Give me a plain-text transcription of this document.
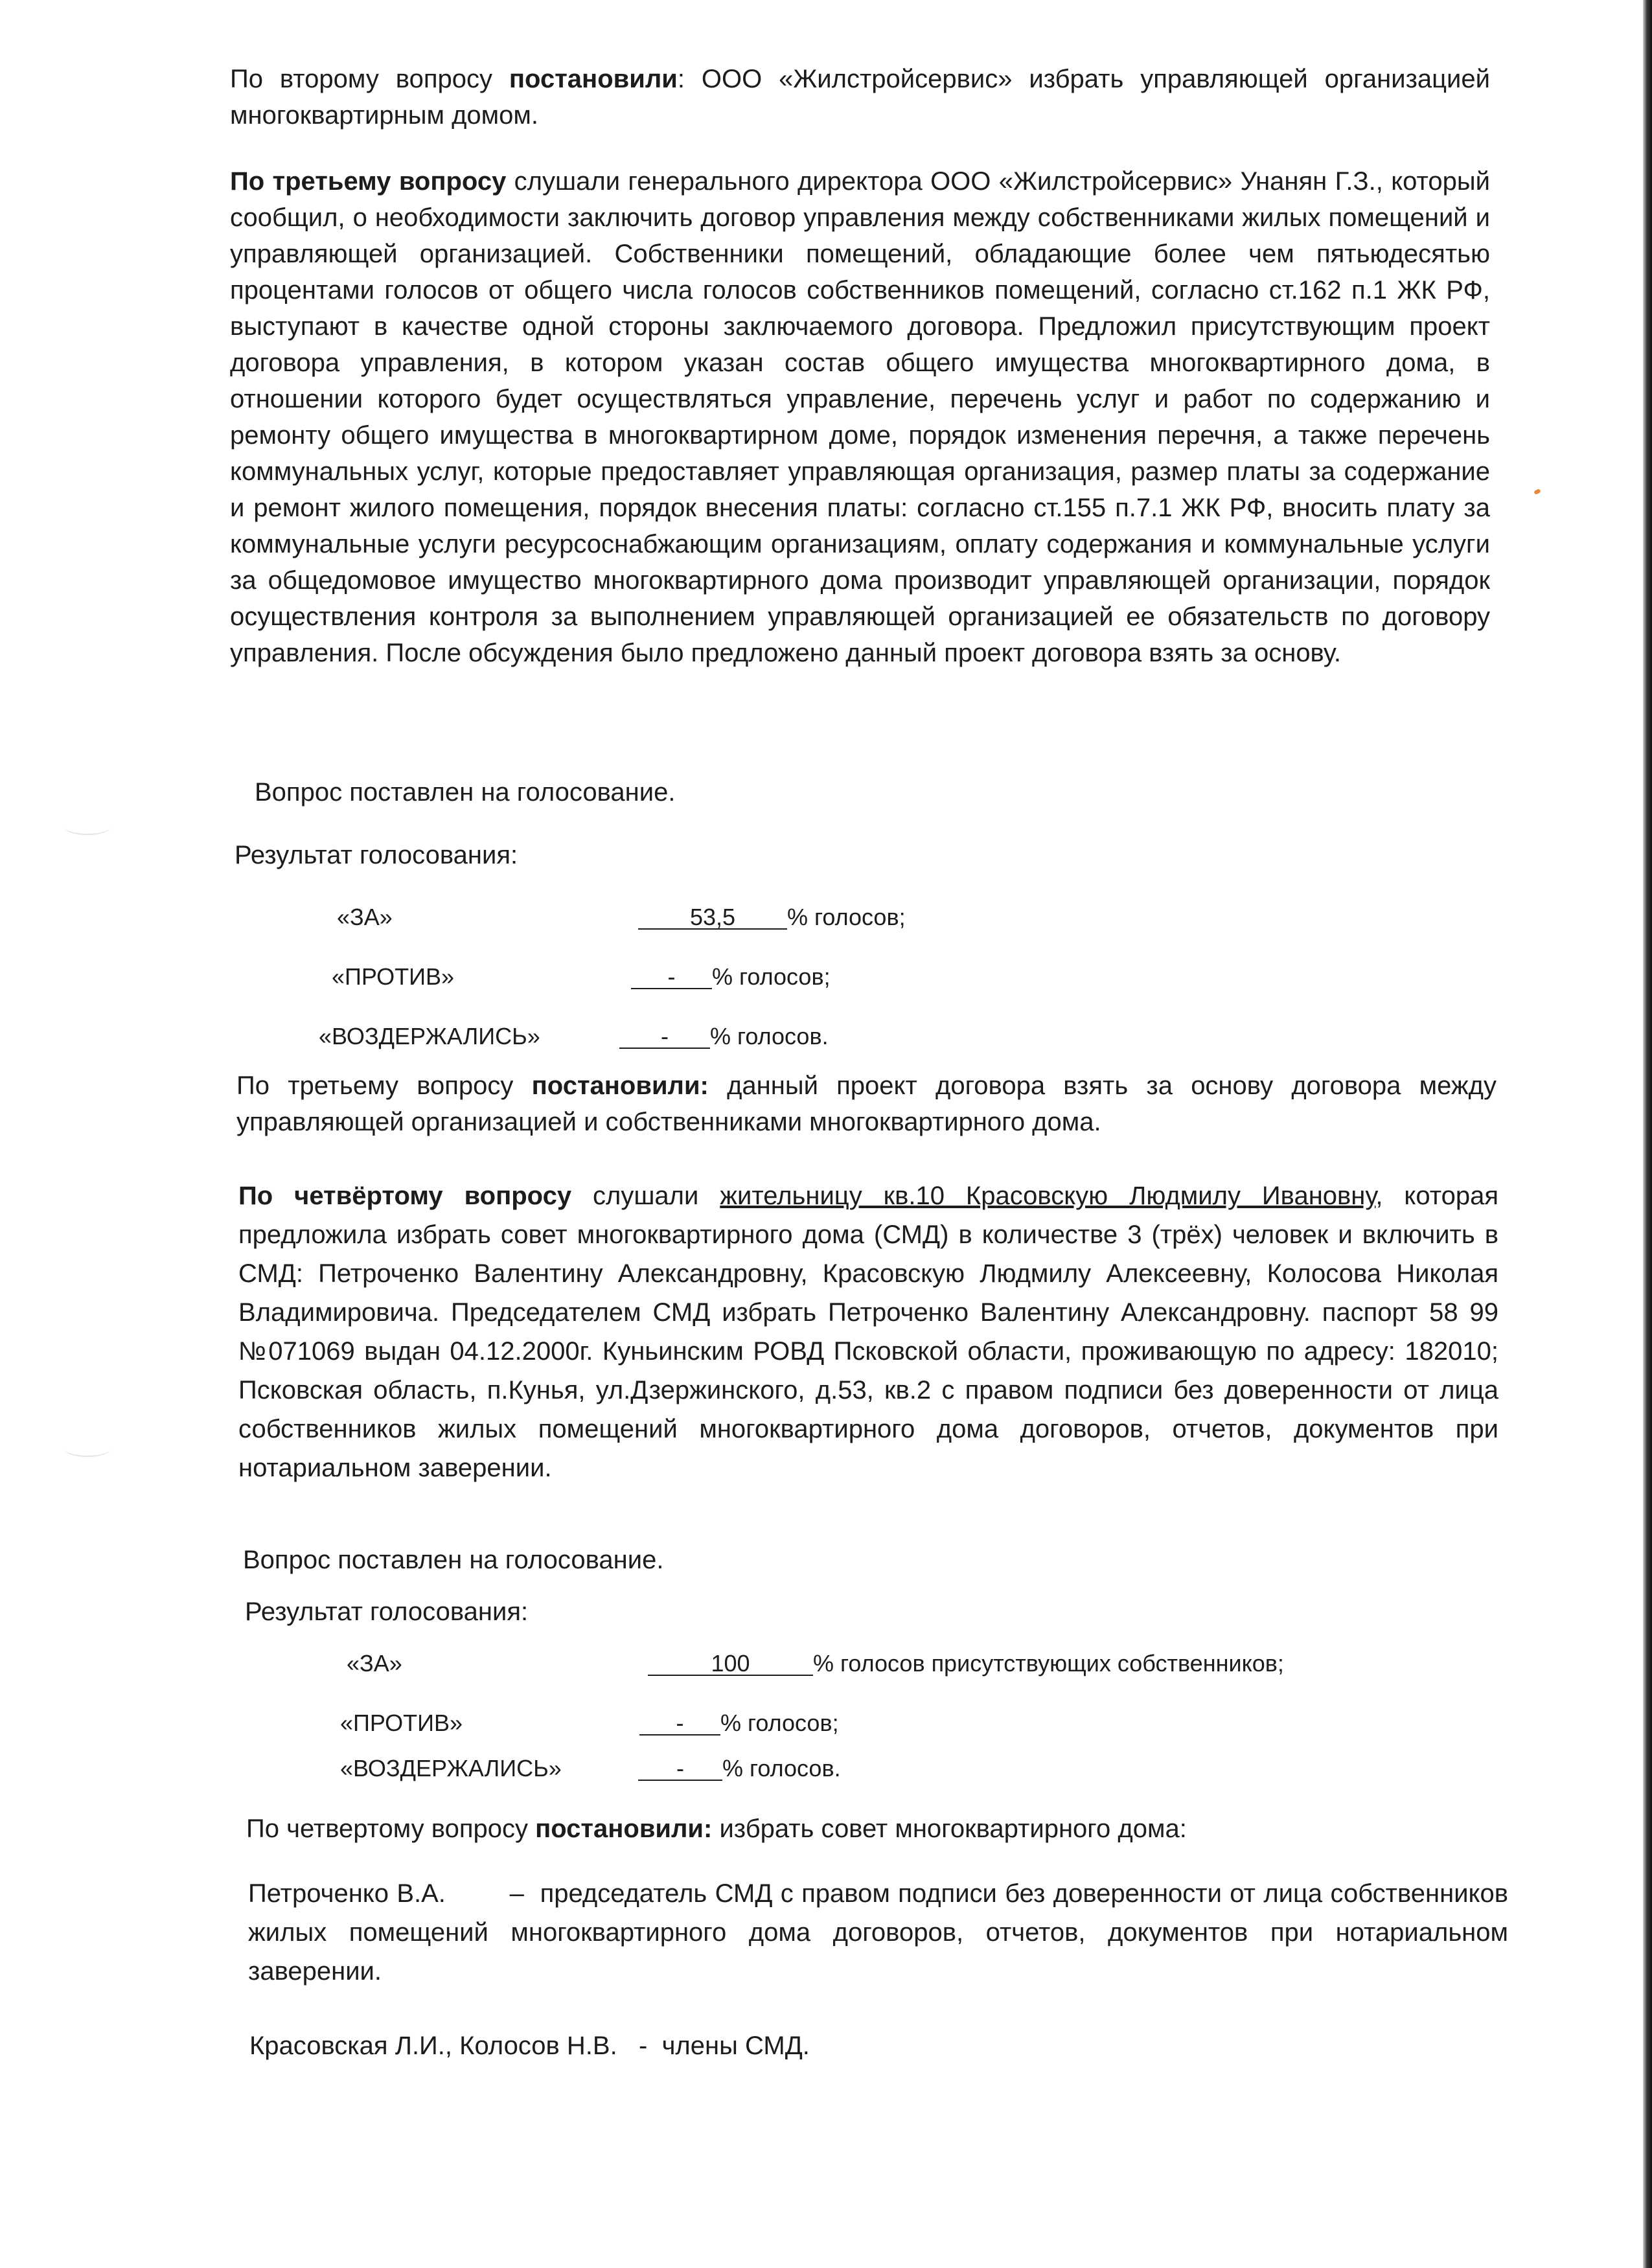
По второму вопросу постановили: ООО «Жилстройсервис» избрать управляющей организацией многоквартирным домом.

По третьему вопросу слушали генерального директора ООО «Жилстройсервис» Унанян Г.З., который сообщил, о необходимости заключить договор управления между собственниками жилых помещений и управляющей организацией. Собственники помещений, обладающие более чем пятьюдесятью процентами голосов от общего числа голосов собственников помещений, согласно ст.162 п.1 ЖК РФ, выступают в качестве одной стороны заключаемого договора. Предложил присутствующим проект договора управления, в котором указан состав общего имущества многоквартирного дома, в отношении которого будет осуществляться управление, перечень услуг и работ по содержанию и ремонту общего имущества в многоквартирном доме, порядок изменения перечня, а также перечень коммунальных услуг, которые предоставляет управляющая организация, размер платы за содержание и ремонт жилого помещения, порядок внесения платы: согласно ст.155 п.7.1 ЖК РФ, вносить плату за коммунальные услуги ресурсоснабжающим организациям, оплату содержания и коммунальные услуги за общедомовое имущество многоквартирного дома производит управляющей организации, порядок осуществления контроля за выполнением управляющей организацией ее обязательств по договору управления. После обсуждения было предложено данный проект договора взять за основу.

Вопрос поставлен на голосование.

Результат голосования:

«ЗА»	53,5 % голосов;
«ПРОТИВ»	- % голосов;
«ВОЗДЕРЖАЛИСЬ»	- % голосов.

По третьему вопросу постановили: данный проект договора взять за основу договора между управляющей организацией и собственниками многоквартирного дома.

По четвёртому вопросу слушали жительницу кв.10 Красовскую Людмилу Ивановну, которая предложила избрать совет многоквартирного дома (СМД) в количестве 3 (трёх) человек и включить в СМД: Петроченко Валентину Александровну, Красовскую Людмилу Алексеевну, Колосова Николая Владимировича. Председателем СМД избрать Петроченко Валентину Александровну. паспорт 58 99 №071069 выдан 04.12.2000г. Куньинским РОВД Псковской области, проживающую по адресу: 182010; Псковская область, п.Кунья, ул.Дзержинского, д.53, кв.2 с правом подписи без доверенности от лица собственников жилых помещений многоквартирного дома договоров, отчетов, документов при нотариальном заверении.

Вопрос поставлен на голосование.

Результат голосования:

«ЗА»	100	% голосов присутствующих собственников;
«ПРОТИВ»	- % голосов;
«ВОЗДЕРЖАЛИСЬ»	- % голосов.

По четвертому вопросу постановили: избрать совет многоквартирного дома:

Петроченко В.А.        –  председатель СМД с правом подписи без доверенности от лица собственников жилых помещений многоквартирного дома договоров, отчетов, документов при нотариальном заверении.

Красовская Л.И., Колосов Н.В.   -  члены СМД.
